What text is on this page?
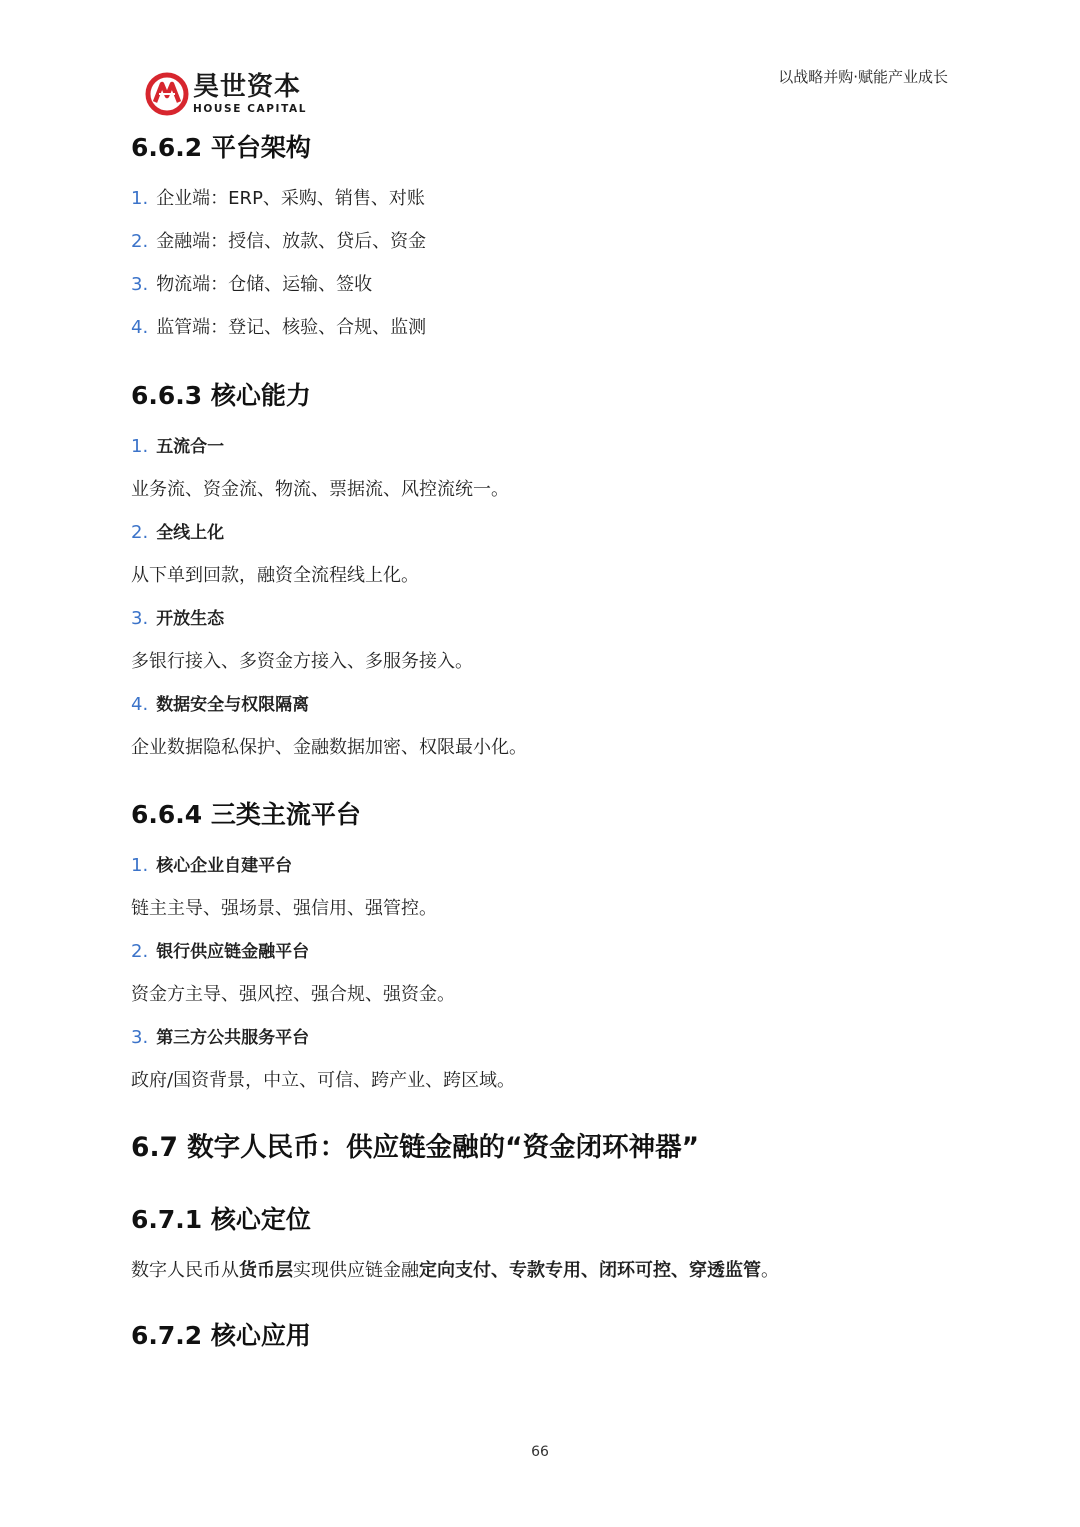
昊世资本
HOUSE CAPITAL
以战略并购·赋能产业成长
6.6.2 平台架构
1. 企业端：ERP、采购、销售、对账
2. 金融端：授信、放款、贷后、资金
3. 物流端：仓储、运输、签收
4. 监管端：登记、核验、合规、监测
6.6.3 核心能力
1. 五流合一
业务流、资金流、物流、票据流、风控流统一。
2. 全线上化
从下单到回款，融资全流程线上化。
3. 开放生态
多银行接入、多资金方接入、多服务接入。
4. 数据安全与权限隔离
企业数据隐私保护、金融数据加密、权限最小化。
6.6.4 三类主流平台
1. 核心企业自建平台
链主主导、强场景、强信用、强管控。
2. 银行供应链金融平台
资金方主导、强风控、强合规、强资金。
3. 第三方公共服务平台
政府/国资背景，中立、可信、跨产业、跨区域。
6.7 数字人民币：供应链金融的“资金闭环神器”
6.7.1 核心定位
数字人民币从货币层实现供应链金融定向支付、专款专用、闭环可控、穿透监管。
6.7.2 核心应用
66
